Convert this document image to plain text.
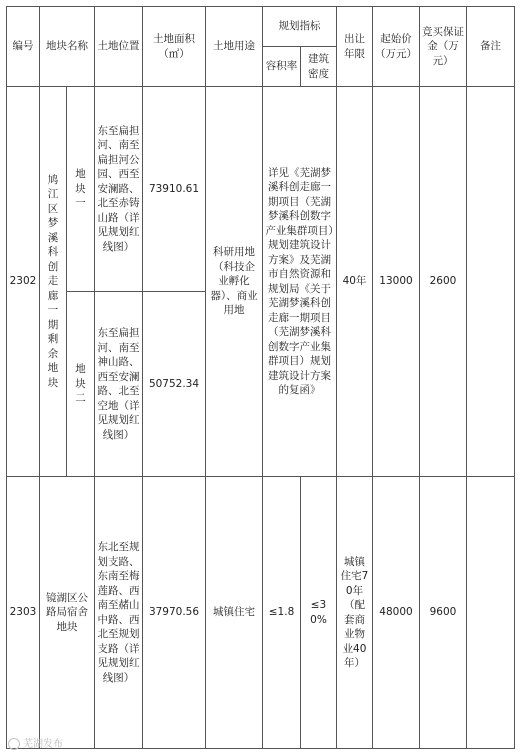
编号	地块名称		土地位置	土地面积（㎡）	土地用途	规划指标		出让年限	起始价（万元）	竞买保证金（万元）	备注
						容积率	建筑密度				
2302	鸠江区梦溪科创走廊一期剩余地块	地块一	东至扁担河、南至扁担河公园、西至安澜路、北至赤铸山路（详见规划红线图）	73910.61	科研用地（科技企业孵化器）、商业用地	详见《芜湖梦溪科创走廊一期项目（芜湖梦溪科创数字产业集群项目）规划建筑设计方案》及芜湖市自然资源和规划局《关于芜湖梦溪科创走廊一期项目（芜湖梦溪科创数字产业集群项目）规划建筑设计方案的复函》		40年	13000	2600	

		地块二	东至扁担河、南至神山路、西至安澜路、北至空地（详见规划红线图）	50752.34							
2303	镜湖区公路局宿舍地块		东北至规划支路、东南至梅莲路、西南至赭山中路、西北至规划支路（详见规划红线图）	37970.56	城镇住宅	≤1.8	≤30%	城镇住宅70年（配套商业物业40年）	48000	9600	
芜湖发布
